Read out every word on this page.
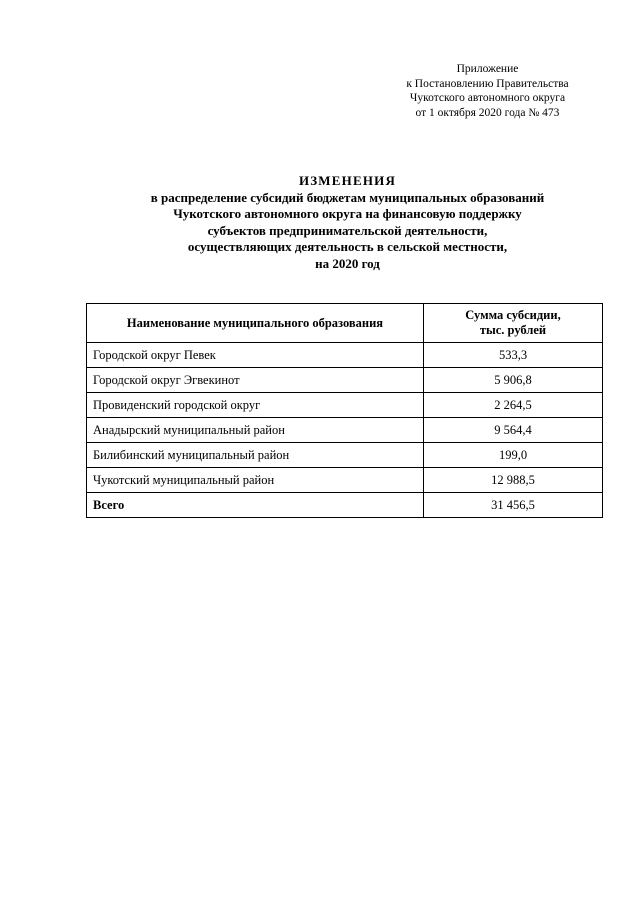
Приложение
к Постановлению Правительства
Чукотского автономного округа
от 1 октября 2020 года № 473
ИЗМЕНЕНИЯ
в распределение субсидий бюджетам муниципальных образований
Чукотского автономного округа на финансовую поддержку
субъектов предпринимательской деятельности,
осуществляющих деятельность в сельской местности,
на 2020 год
Наименование муниципального образования	Сумма субсидии,
тыс. рублей
Городской округ Певек	533,3
Городской округ Эгвекинот	5 906,8
Провиденский городской округ	2 264,5
Анадырский муниципальный район	9 564,4
Билибинский муниципальный район	199,0
Чукотский муниципальный район	12 988,5
Всего	31 456,5
